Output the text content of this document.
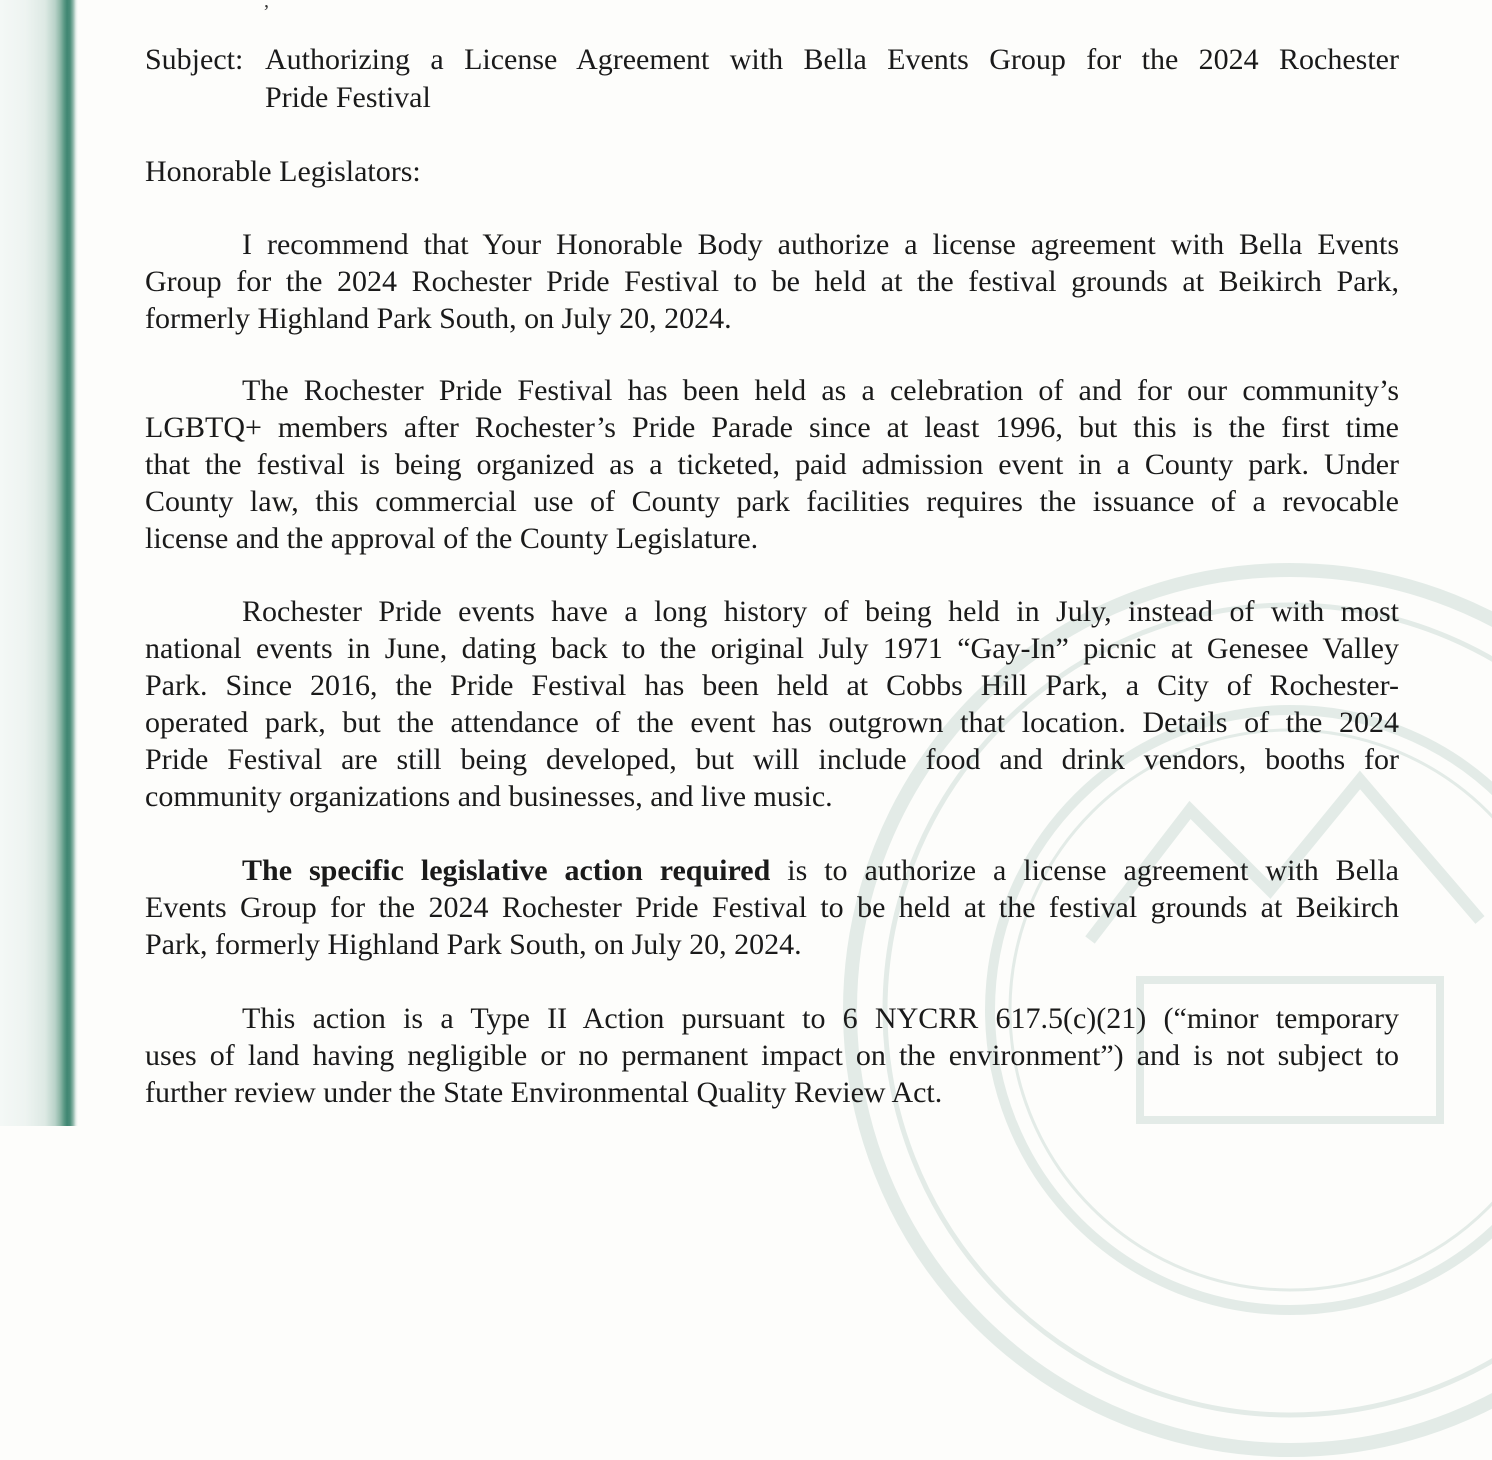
,
Subject: Authorizing a License Agreement with Bella Events Group for the 2024 Rochester
Pride Festival
Honorable Legislators:
I recommend that Your Honorable Body authorize a license agreement with Bella Events
Group for the 2024 Rochester Pride Festival to be held at the festival grounds at Beikirch Park,
formerly Highland Park South, on July 20, 2024.
The Rochester Pride Festival has been held as a celebration of and for our community’s
LGBTQ+ members after Rochester’s Pride Parade since at least 1996, but this is the first time
that the festival is being organized as a ticketed, paid admission event in a County park. Under
County law, this commercial use of County park facilities requires the issuance of a revocable
license and the approval of the County Legislature.
Rochester Pride events have a long history of being held in July, instead of with most
national events in June, dating back to the original July 1971 “Gay-In” picnic at Genesee Valley
Park. Since 2016, the Pride Festival has been held at Cobbs Hill Park, a City of Rochester-
operated park, but the attendance of the event has outgrown that location. Details of the 2024
Pride Festival are still being developed, but will include food and drink vendors, booths for
community organizations and businesses, and live music.
The specific legislative action required is to authorize a license agreement with Bella
Events Group for the 2024 Rochester Pride Festival to be held at the festival grounds at Beikirch
Park, formerly Highland Park South, on July 20, 2024.
This action is a Type II Action pursuant to 6 NYCRR 617.5(c)(21) (“minor temporary
uses of land having negligible or no permanent impact on the environment”) and is not subject to
further review under the State Environmental Quality Review Act.
